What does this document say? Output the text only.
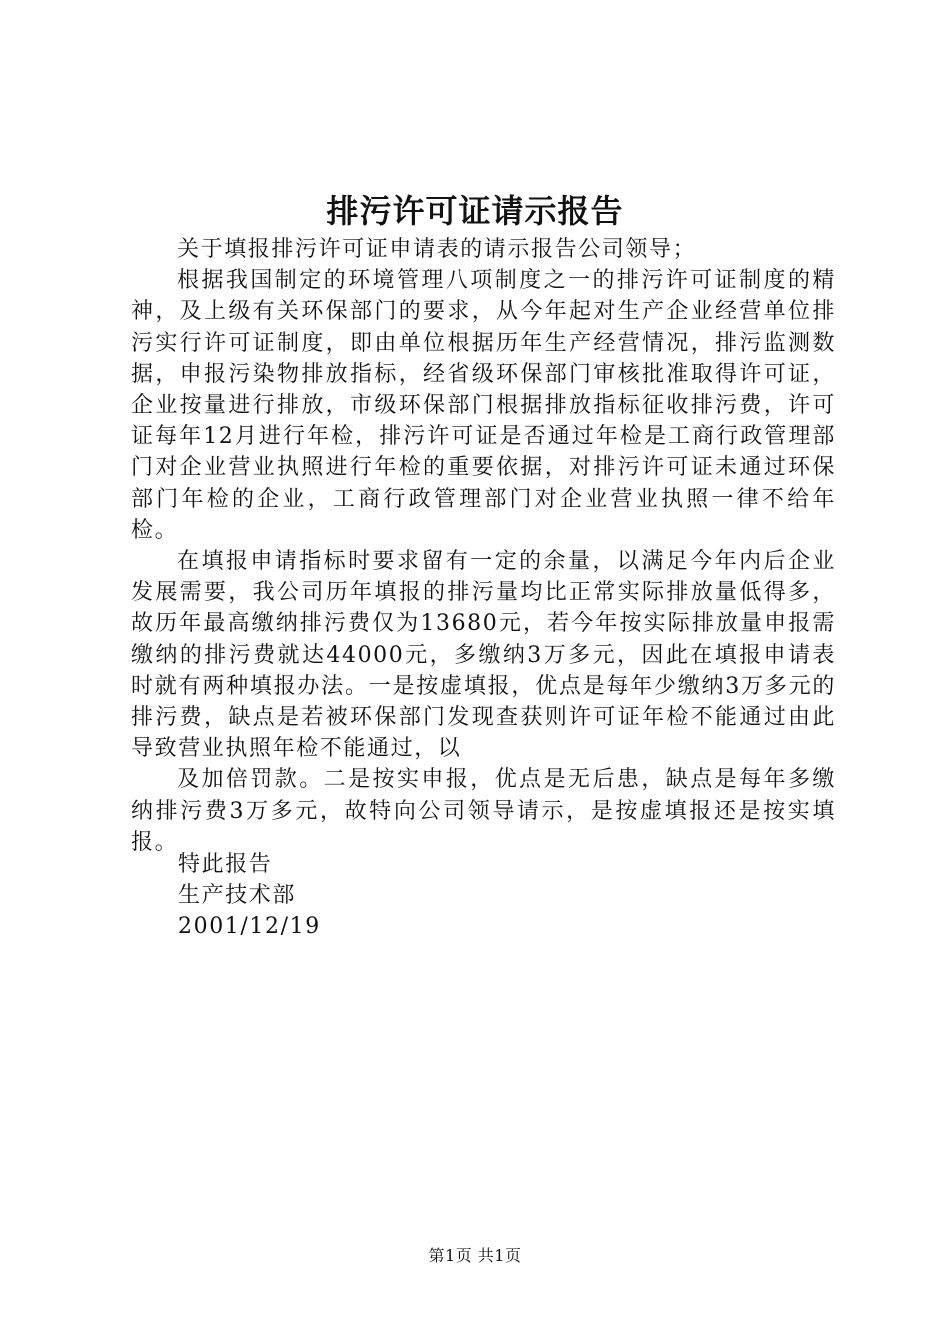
排污许可证请示报告

关于填报排污许可证申请表的请示报告公司领导；

根据我国制定的环境管理八项制度之一的排污许可证制度的精神，及上级有关环保部门的要求，从今年起对生产企业经营单位排污实行许可证制度，即由单位根据历年生产经营情况，排污监测数据，申报污染物排放指标，经省级环保部门审核批准取得许可证，企业按量进行排放，市级环保部门根据排放指标征收排污费，许可证每年12月进行年检，排污许可证是否通过年检是工商行政管理部门对企业营业执照进行年检的重要依据，对排污许可证未通过环保部门年检的企业，工商行政管理部门对企业营业执照一律不给年检。

在填报申请指标时要求留有一定的余量，以满足今年内后企业发展需要，我公司历年填报的排污量均比正常实际排放量低得多，故历年最高缴纳排污费仅为13680元，若今年按实际排放量申报需缴纳的排污费就达44000元，多缴纳3万多元，因此在填报申请表时就有两种填报办法。一是按虚填报，优点是每年少缴纳3万多元的排污费，缺点是若被环保部门发现查获则许可证年检不能通过由此导致营业执照年检不能通过，以

及加倍罚款。二是按实申报，优点是无后患，缺点是每年多缴纳排污费3万多元，故特向公司领导请示，是按虚填报还是按实填报。

特此报告
生产技术部
2001/12/19
第1页 共1页
